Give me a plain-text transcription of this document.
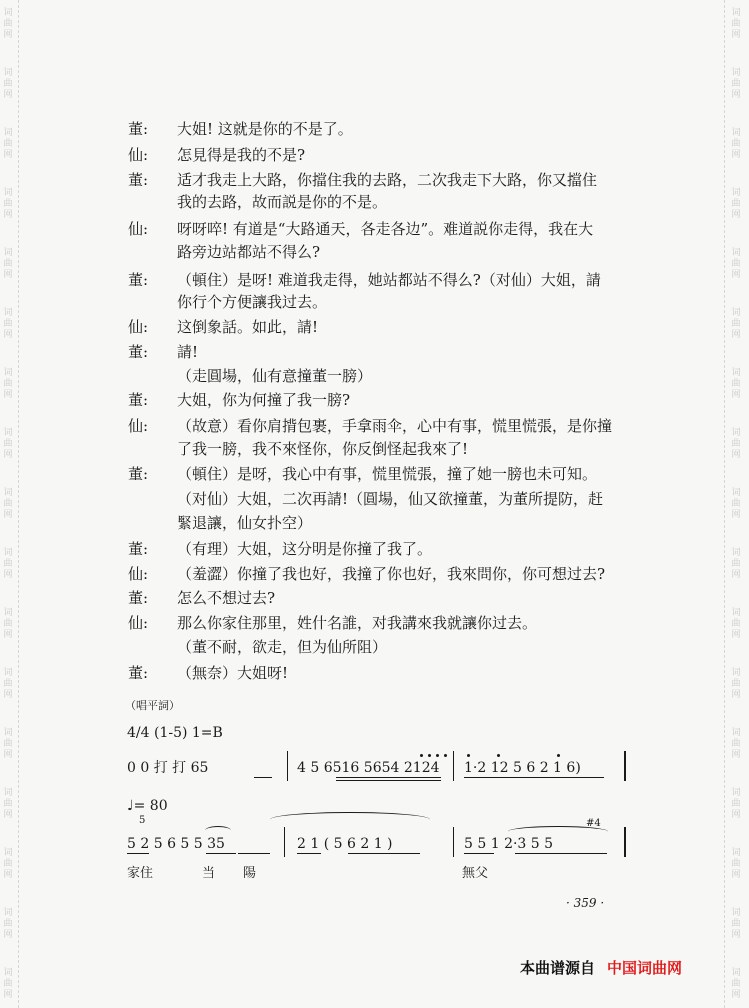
词
曲
网
词
曲
网
词
曲
网
词
曲
网
词
曲
网
词
曲
网
词
曲
网
词
曲
网
词
曲
网
词
曲
网
词
曲
网
词
曲
网
词
曲
网
词
曲
网
词
曲
网
词
曲
网
词
曲
网
词
曲
网
词
曲
网
词
曲
网
词
曲
网
词
曲
网
词
曲
网
词
曲
网
词
曲
网
词
曲
网
词
曲
网
词
曲
网
词
曲
网
词
曲
网
词
曲
网
词
曲
网
词
曲
网
词
曲
网
董:	大姐! 这就是你的不是了。
仙:	怎見得是我的不是?
董:	适才我走上大路，你擋住我的去路，二次我走下大路，你又擋住
我的去路，故而説是你的不是。
仙:	呀呀啐! 有道是“大路通天，各走各边”。难道説你走得，我在大
路旁边站都站不得么?
董:	（頓住）是呀! 难道我走得，她站都站不得么?（对仙）大姐，請
你行个方便讓我过去。
仙:	这倒象話。如此，請!
董:	請!
（走圓場，仙有意撞董一膀）
董:	大姐，你为何撞了我一膀?
仙:	（故意）看你肩揹包裹，手拿雨伞，心中有事，慌里慌張，是你撞
了我一膀，我不來怪你，你反倒怪起我來了!
董:	（頓住）是呀，我心中有事，慌里慌張，撞了她一膀也未可知。
（对仙）大姐，二次再請!（圓場，仙又欲撞董，为董所提防，赶
緊退讓，仙女扑空）
董:	（有理）大姐，这分明是你撞了我了。
仙:	（羞澀）你撞了我也好，我撞了你也好，我來問你，你可想过去?
董:	怎么不想过去?
仙:	那么你家住那里，姓什名誰，对我講來我就讓你过去。
（董不耐，欲走，但为仙所阻）
董:	（無奈）大姐呀!
（唱平詞）
4/4 (1-5) 1=B
0 0 打 打 65	4 5 6516 5654 2124 1·2 12 5 6 2 1 6)
♩= 80
5
5 2 5 6 5 5 35	2 1 ( 5 6 2 1 )
#4
5 5 1 2·3 5 5
家住	当 陽	無父
· 359 ·
本曲谱源自 中国词曲网
